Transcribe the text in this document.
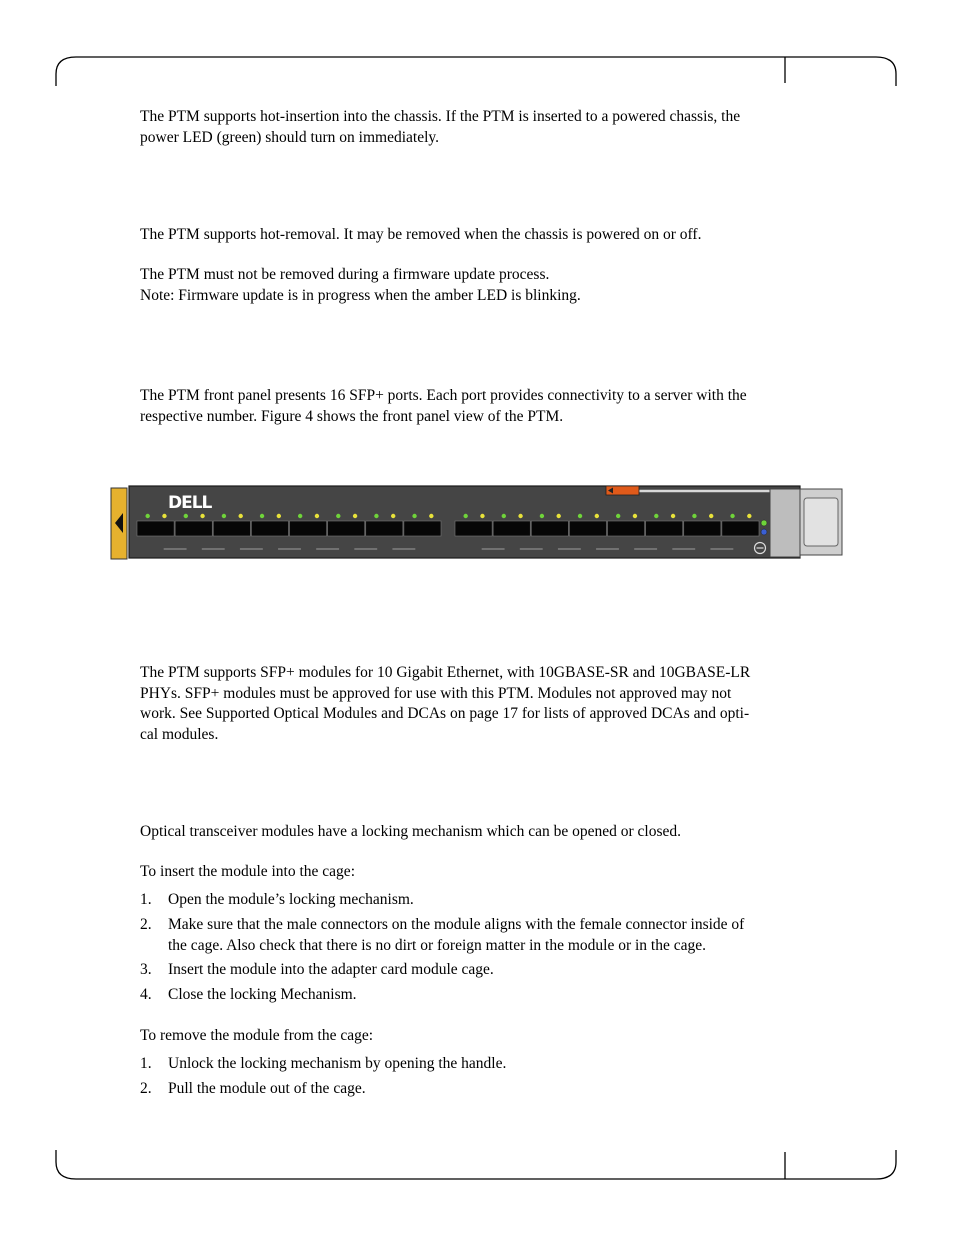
The PTM supports hot-insertion into the chassis. If the PTM is inserted to a powered chassis, the
power LED (green) should turn on immediately.

The PTM supports hot-removal. It may be removed when the chassis is powered on or off.

The PTM must not be removed during a firmware update process.
Note: Firmware update is in progress when the amber LED is blinking.

The PTM front panel presents 16 SFP+ ports. Each port provides connectivity to a server with the
respective number. Figure 4 shows the front panel view of the PTM.

DELL

The PTM supports SFP+ modules for 10 Gigabit Ethernet, with 10GBASE-SR and 10GBASE-LR
PHYs. SFP+ modules must be approved for use with this PTM. Modules not approved may not
work. See Supported Optical Modules and DCAs on page 17 for lists of approved DCAs and opti-
cal modules.

Optical transceiver modules have a locking mechanism which can be opened or closed.

To insert the module into the cage:

1.	Open the module’s locking mechanism.
2.	Make sure that the male connectors on the module aligns with the female connector inside of
the cage. Also check that there is no dirt or foreign matter in the module or in the cage.
3.	Insert the module into the adapter card module cage.
4.	Close the locking Mechanism.

To remove the module from the cage:

1.	Unlock the locking mechanism by opening the handle.
2.	Pull the module out of the cage.
